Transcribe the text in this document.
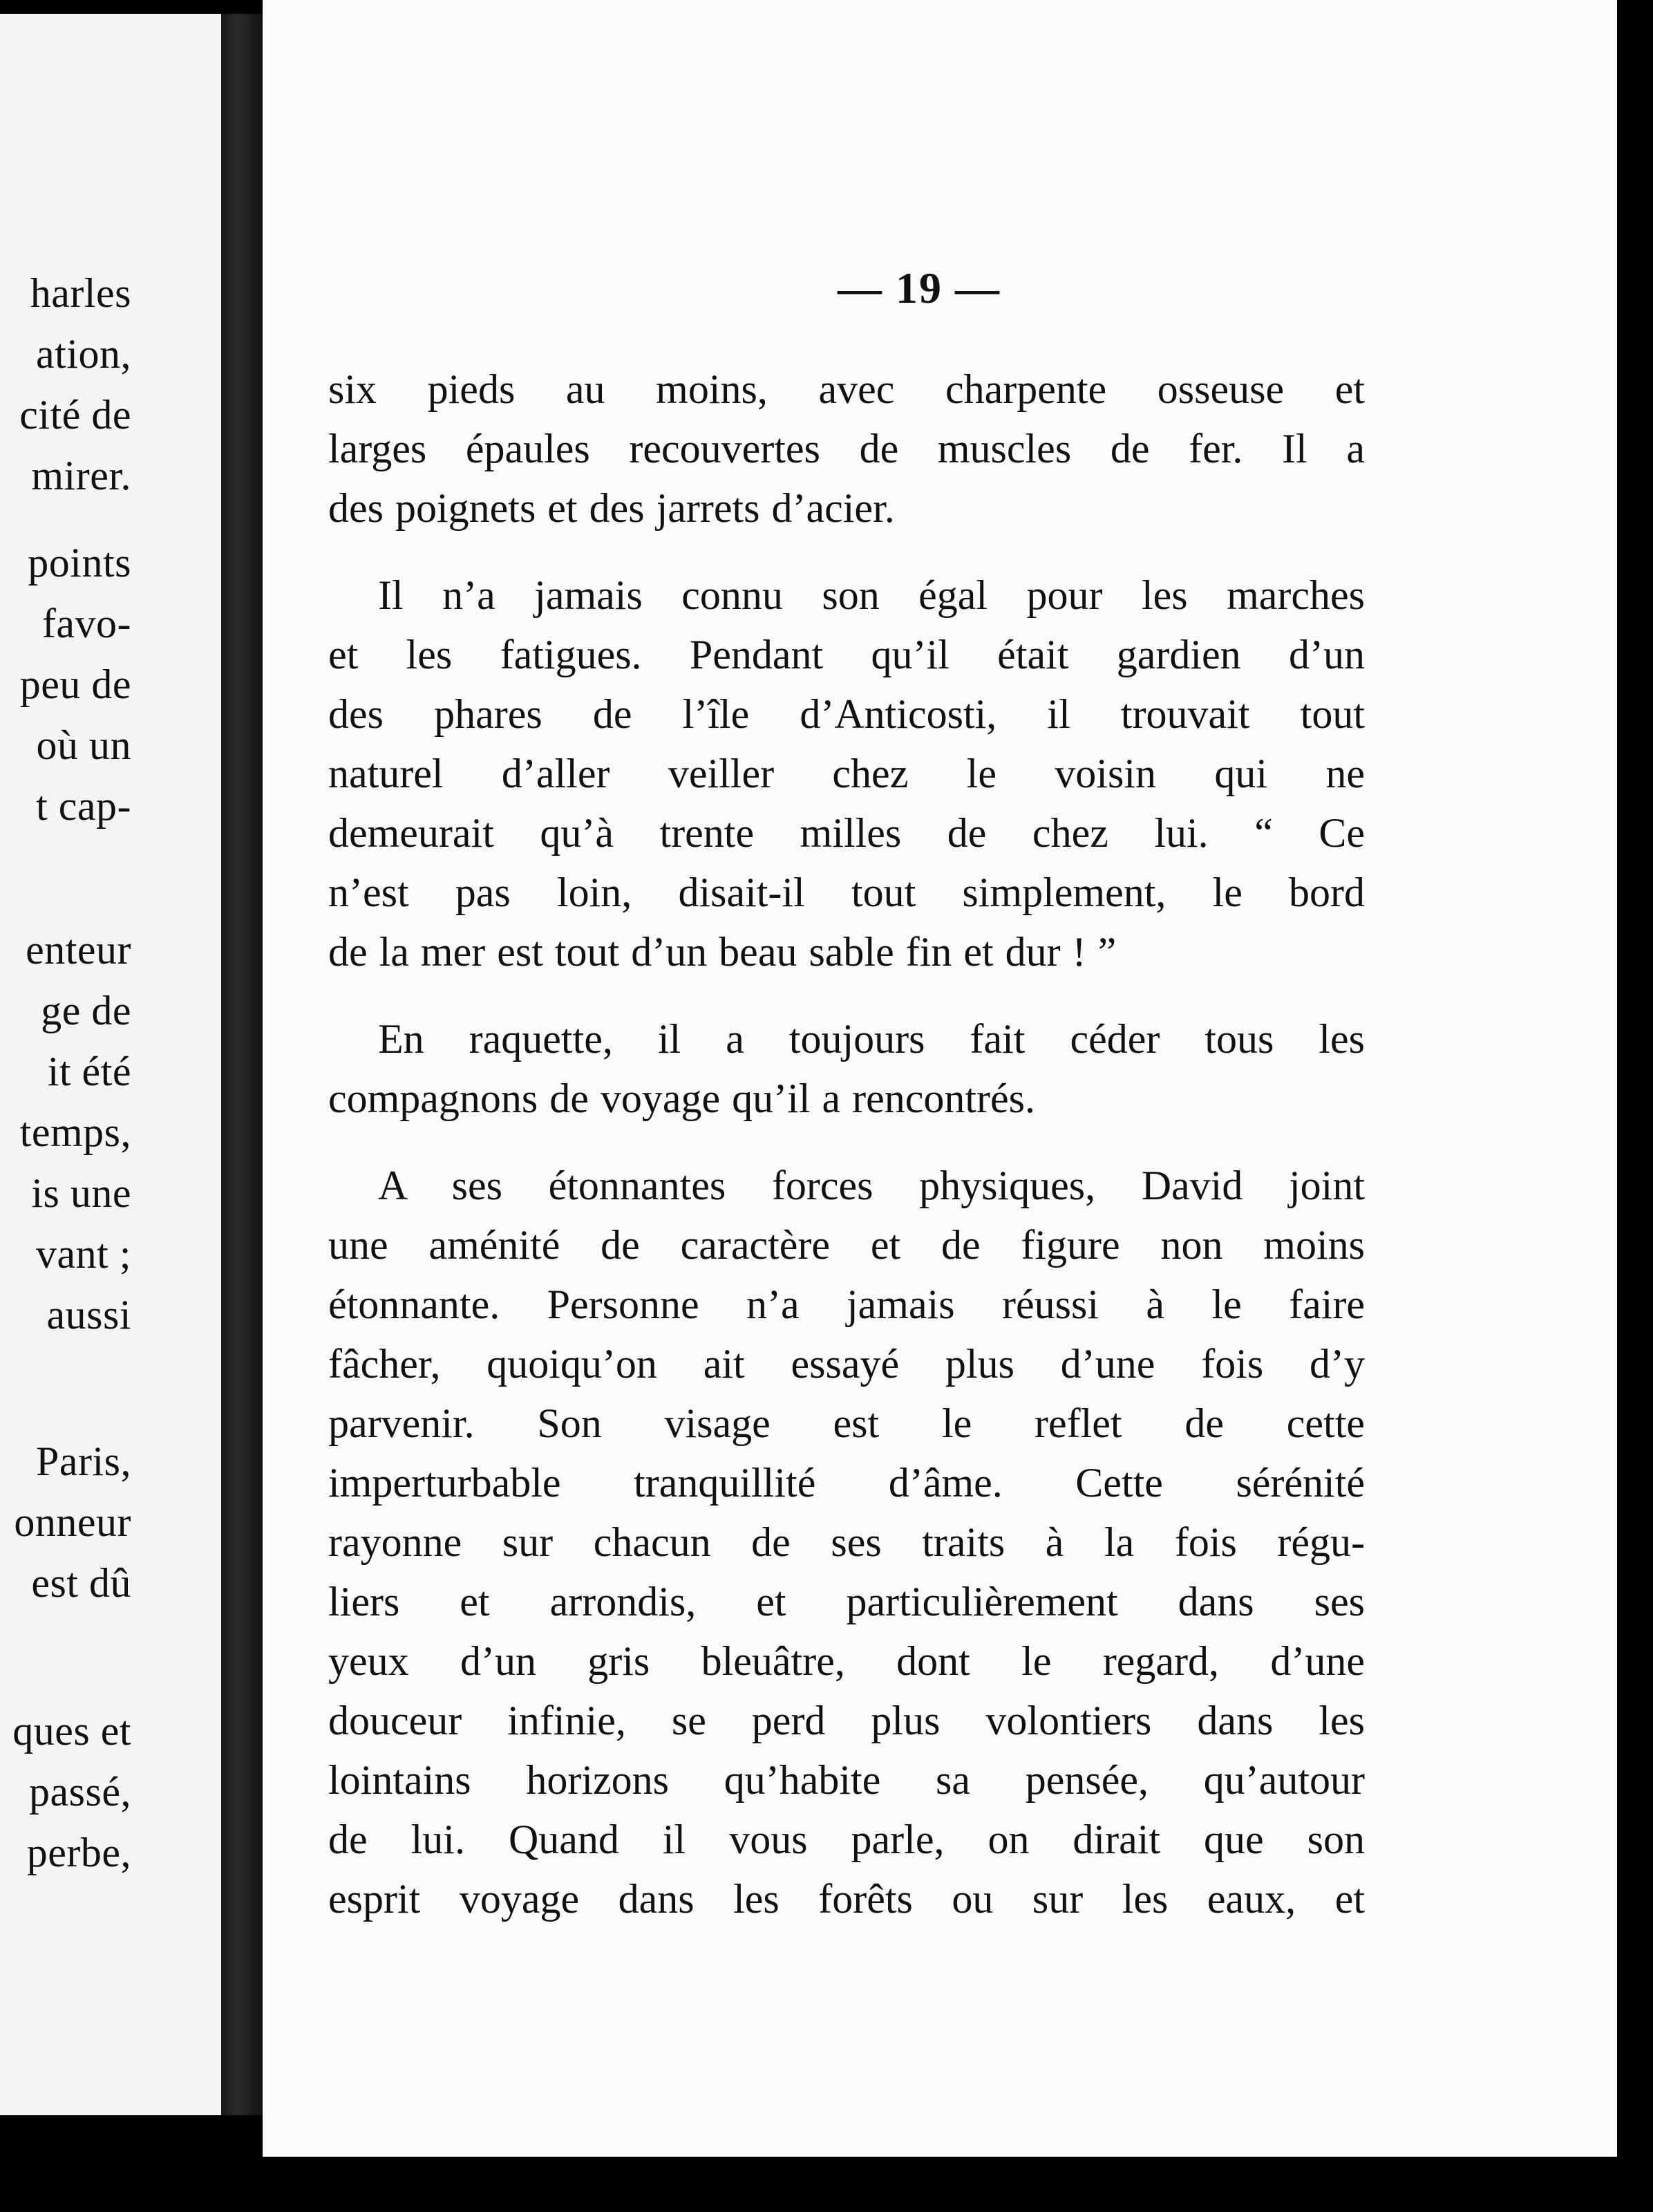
harles
ation,
cité de
mirer.
points
favo-
peu de
où un
t cap-
enteur
ge de
it été
temps,
is une
vant ;
aussi
Paris,
onneur
est dû
ques et
passé,
perbe,
— 19 —
six pieds au moins, avec charpente osseuse et
larges épaules recouvertes de muscles de fer. Il a
des poignets et des jarrets d’acier.
Il n’a jamais connu son égal pour les marches
et les fatigues. Pendant qu’il était gardien d’un
des phares de l’île d’Anticosti, il trouvait tout
naturel d’aller veiller chez le voisin qui ne
demeurait qu’à trente milles de chez lui. “ Ce
n’est pas loin, disait-il tout simplement, le bord
de la mer est tout d’un beau sable fin et dur ! ”
En raquette, il a toujours fait céder tous les
compagnons de voyage qu’il a rencontrés.
A ses étonnantes forces physiques, David joint
une aménité de caractère et de figure non moins
étonnante. Personne n’a jamais réussi à le faire
fâcher, quoiqu’on ait essayé plus d’une fois d’y
parvenir. Son visage est le reflet de cette
imperturbable tranquillité d’âme. Cette sérénité
rayonne sur chacun de ses traits à la fois régu-
liers et arrondis, et particulièrement dans ses
yeux d’un gris bleuâtre, dont le regard, d’une
douceur infinie, se perd plus volontiers dans les
lointains horizons qu’habite sa pensée, qu’autour
de lui. Quand il vous parle, on dirait que son
esprit voyage dans les forêts ou sur les eaux, et
